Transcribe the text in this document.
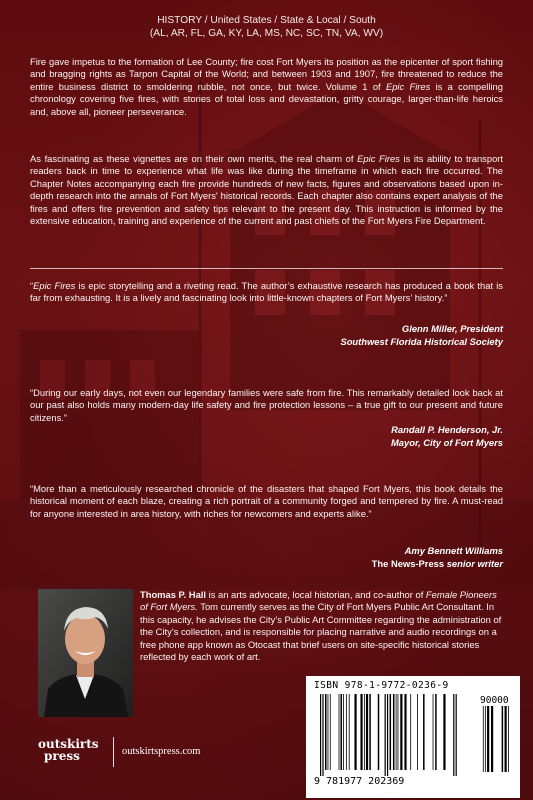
HISTORY / United States / State & Local / South
(AL, AR, FL, GA, KY, LA, MS, NC, SC, TN, VA, WV)
Fire gave impetus to the formation of Lee County; fire cost Fort Myers its position as the epicenter of sport fishing and bragging rights as Tarpon Capital of the World; and between 1903 and 1907, fire threatened to reduce the entire business district to smoldering rubble, not once, but twice. Volume 1 of Epic Fires is a compelling chronology covering five fires, with stories of total loss and devastation, gritty courage, larger-than-life heroics and, above all, pioneer perseverance.
As fascinating as these vignettes are on their own merits, the real charm of Epic Fires is its ability to transport readers back in time to experience what life was like during the timeframe in which each fire occurred. The Chapter Notes accompanying each fire provide hundreds of new facts, figures and observations based upon in-depth research into the annals of Fort Myers' historical records. Each chapter also contains expert analysis of the fires and offers fire prevention and safety tips relevant to the present day. This instruction is informed by the extensive education, training and experience of the current and past chiefs of the Fort Myers Fire Department.
“Epic Fires is epic storytelling and a riveting read. The author’s exhaustive research has produced a book that is far from exhausting. It is a lively and fascinating look into little-known chapters of Fort Myers’ history.”
Glenn Miller, President
Southwest Florida Historical Society
“During our early days, not even our legendary families were safe from fire. This remarkably detailed look back at our past also holds many modern-day life safety and fire protection lessons – a true gift to our present and future citizens.”
Randall P. Henderson, Jr.
Mayor, City of Fort Myers
“More than a meticulously researched chronicle of the disasters that shaped Fort Myers, this book details the historical moment of each blaze, creating a rich portrait of a community forged and tempered by fire. A must-read for anyone interested in area history, with riches for newcomers and experts alike.”
Amy Bennett Williams
The News-Press senior writer
Thomas P. Hall is an arts advocate, local historian, and co-author of Female Pioneers of Fort Myers. Tom currently serves as the City of Fort Myers Public Art Consultant. In this capacity, he advises the City’s Public Art Committee regarding the administration of the City’s collection, and is responsible for placing narrative and audio recordings on a free phone app known as Otocast that brief users on site-specific historical stories reflected by each work of art.
ISBN 978-1-9772-0236-9
90000
9 781977 202369
outskirts
press	outskirtspress.com
